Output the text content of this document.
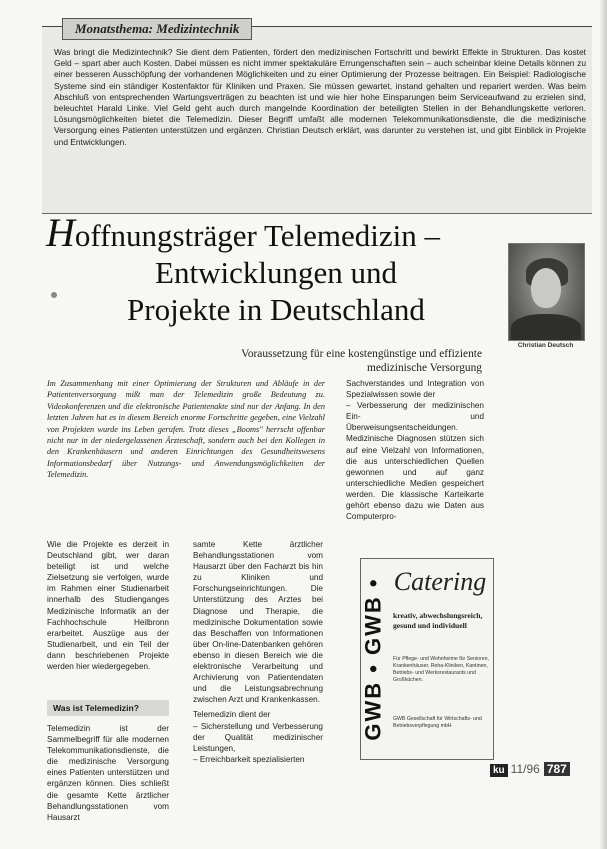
Monatsthema: Medizintechnik
Was bringt die Medizintechnik? Sie dient dem Patienten, fördert den medizinischen Fortschritt und bewirkt Effekte in Strukturen. Das kostet Geld – spart aber auch Kosten. Dabei müssen es nicht immer spektakuläre Errungenschaften sein – auch scheinbar kleine Details können zu einer besseren Ausschöpfung der vorhandenen Möglichkeiten und zu einer Optimierung der Prozesse beitragen. Ein Beispiel: Radiologische Systeme sind ein ständiger Kostenfaktor für Kliniken und Praxen. Sie müssen gewartet, instand gehalten und repariert werden. Was beim Abschluß von entsprechenden Wartungsverträgen zu beachten ist und wie hier hohe Einsparungen beim Serviceaufwand zu erzielen sind, beleuchtet Harald Linke. Viel Geld geht auch durch mangelnde Koordination der beteiligten Stellen in der Behandlungskette verloren. Lösungsmöglichkeiten bietet die Telemedizin. Dieser Begriff umfaßt alle modernen Telekommunikationsdienste, die die medizinische Versorgung eines Patienten unterstützen und ergänzen. Christian Deutsch erklärt, was darunter zu verstehen ist, und gibt Einblick in Projekte und Entwicklungen.
Hoffnungsträger Telemedizin –
Entwicklungen und
Projekte in Deutschland
Christian Deutsch
Voraussetzung für eine kostengünstige und effiziente
medizinische Versorgung
Im Zusammenhang mit einer Optimierung der Strukturen und Abläufe in der Patientenversorgung mißt man der Telemedizin große Bedeutung zu. Videokonferenzen und die elektronische Patientenakte sind nur der Anfang. In den letzten Jahren hat es in diesem Bereich enorme Fortschritte gegeben, eine Vielzahl von Projekten wurde ins Leben gerufen. Trotz dieses „Booms" herrscht offenbar nicht nur in der niedergelassenen Ärzteschaft, sondern auch bei den Kollegen in den Krankenhäusern und anderen Einrichtungen des Gesundheitswesens Informationsbedarf über Nutzungs- und Anwendungsmöglichkeiten der Telemedizin.

Wie die Projekte es derzeit in Deutschland gibt, wer daran beteiligt ist und welche Zielsetzung sie verfolgen, wurde im Rahmen einer Studienarbeit innerhalb des Studienganges Medizinische Informatik an der Fachhochschule Heilbronn erarbeitet. Auszüge aus der Studienarbeit, und ein Teil der dann beschriebenen Projekte werden hier wiedergegeben.

Was ist Telemedizin?

Telemedizin ist der Sammelbegriff für alle modernen Telekommunikationsdienste, die die medizinische Versorgung eines Patienten unterstützen und ergänzen können. Dies schließt die gesamte Kette ärztlicher Behandlungsstationen vom Hausarzt

samte Kette ärztlicher Behandlungsstationen vom Hausarzt über den Facharzt bis hin zu Kliniken und Forschungseinrichtungen. Die Unterstützung des Arztes bei Diagnose und Therapie, die medizinische Dokumentation sowie das Beschaffen von Informationen über On-line-Datenbanken gehören ebenso in diesen Bereich wie die elektronische Verarbeitung und Archivierung von Patientendaten und die Leistungsabrechnung zwischen Arzt und Krankenkassen.

Telemedizin dient der

– Sicherstellung und Verbesserung der Qualität medizinischer Leistungen,

– Erreichbarkeit spezialisierten

Sachverstandes und Integration von Spezialwissen sowie der

– Verbesserung der medizinischen Ein- und Überweisungsentscheidungen.

Medizinische Diagnosen stützen sich auf eine Vielzahl von Informationen, die aus unterschiedlichen Quellen gewonnen und auf ganz unterschiedliche Medien gespeichert werden. Die klassische Karteikarte gehört ebenso dazu wie Daten aus Computerpro-

GWB • GWB • Catering
kreativ, abwechslungsreich, gesund und individuell
Für Pflege- und Wohnheime für Senioren, Krankenhäuser, Reha-Kliniken, Kantinen, Betriebs- und Werksrestaurants und Großküchen.
GWB Gesellschaft für Wirtschafts- und Betriebsverpflegung mbH
ku 11/96 787
